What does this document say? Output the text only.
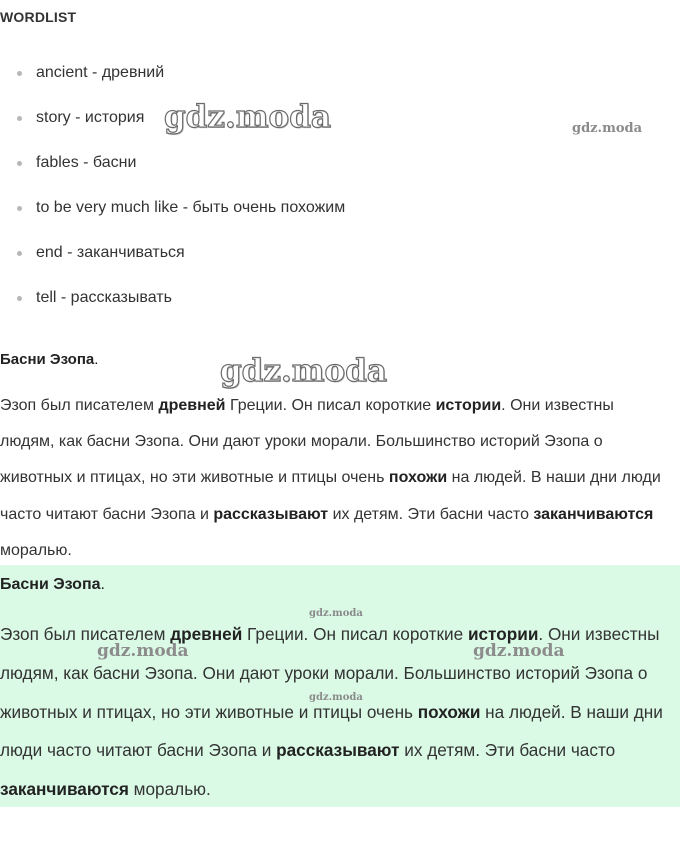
WORDLIST
ancient - древний
story - история
fables - басни
to be very much like - быть очень похожим
end - заканчиваться
tell - рассказывать
Басни Эзопа.

Эзоп был писателем древней Греции. Он писал короткие истории. Они известны людям, как басни Эзопа. Они дают уроки морали. Большинство историй Эзопа о животных и птицах, но эти животные и птицы очень похожи на людей. В наши дни люди часто читают басни Эзопа и рассказывают их детям. Эти басни часто заканчиваются моралью.

Басни Эзопа.

Эзоп был писателем древней Греции. Он писал короткие истории. Они известны людям, как басни Эзопа. Они дают уроки морали. Большинство историй Эзопа о животных и птицах, но эти животные и птицы очень похожи на людей. В наши дни люди часто читают басни Эзопа и рассказывают их детям. Эти басни часто заканчиваются моралью.

gdz.moda	gdz.moda
gdz.moda
gdz.moda
gdz.moda	gdz.moda
gdz.moda
